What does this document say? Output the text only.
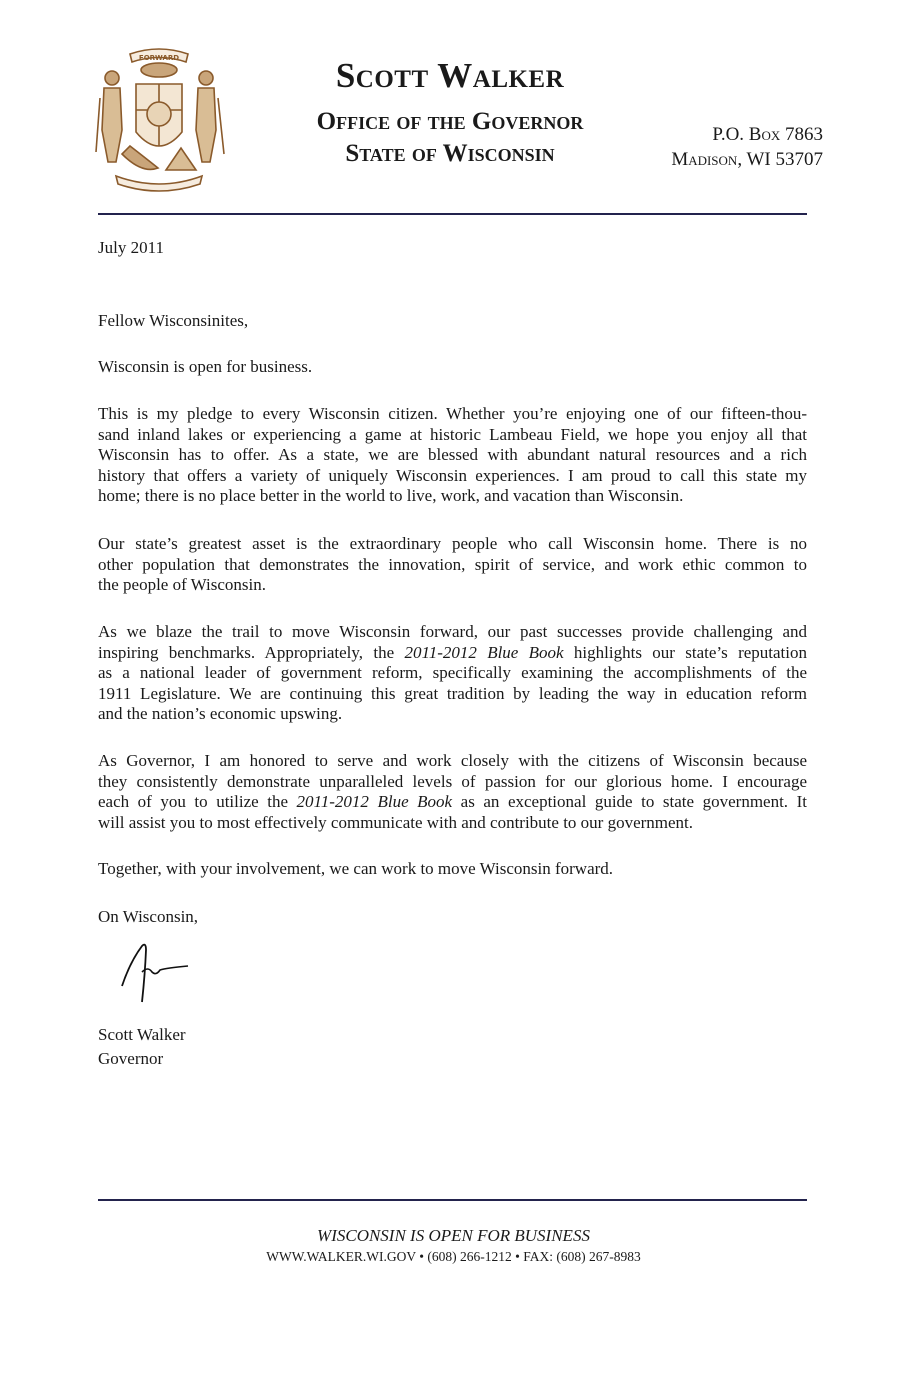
FORWARD	Scott Walker
Office of the Governor
State of Wisconsin
P.O. Box 7863
Madison, WI 53707
July 2011
Fellow Wisconsinites,
Wisconsin is open for business.
This is my pledge to every Wisconsin citizen. Whether you’re enjoying one of our fifteen-thou-
sand inland lakes or experiencing a game at historic Lambeau Field, we hope you enjoy all that
Wisconsin has to offer. As a state, we are blessed with abundant natural resources and a rich
history that offers a variety of uniquely Wisconsin experiences. I am proud to call this state my
home; there is no place better in the world to live, work, and vacation than Wisconsin.
Our state’s greatest asset is the extraordinary people who call Wisconsin home. There is no
other population that demonstrates the innovation, spirit of service, and work ethic common to
the people of Wisconsin.
As we blaze the trail to move Wisconsin forward, our past successes provide challenging and
inspiring benchmarks. Appropriately, the 2011-2012 Blue Book highlights our state’s reputation
as a national leader of government reform, specifically examining the accomplishments of the
1911 Legislature. We are continuing this great tradition by leading the way in education reform
and the nation’s economic upswing.
As Governor, I am honored to serve and work closely with the citizens of Wisconsin because
they consistently demonstrate unparalleled levels of passion for our glorious home. I encourage
each of you to utilize the 2011-2012 Blue Book as an exceptional guide to state government. It
will assist you to most effectively communicate with and contribute to our government.
Together, with your involvement, we can work to move Wisconsin forward.
On Wisconsin,
Scott Walker
Governor
WISCONSIN IS OPEN FOR BUSINESS
WWW.WALKER.WI.GOV • (608) 266-1212 • FAX: (608) 267-8983
